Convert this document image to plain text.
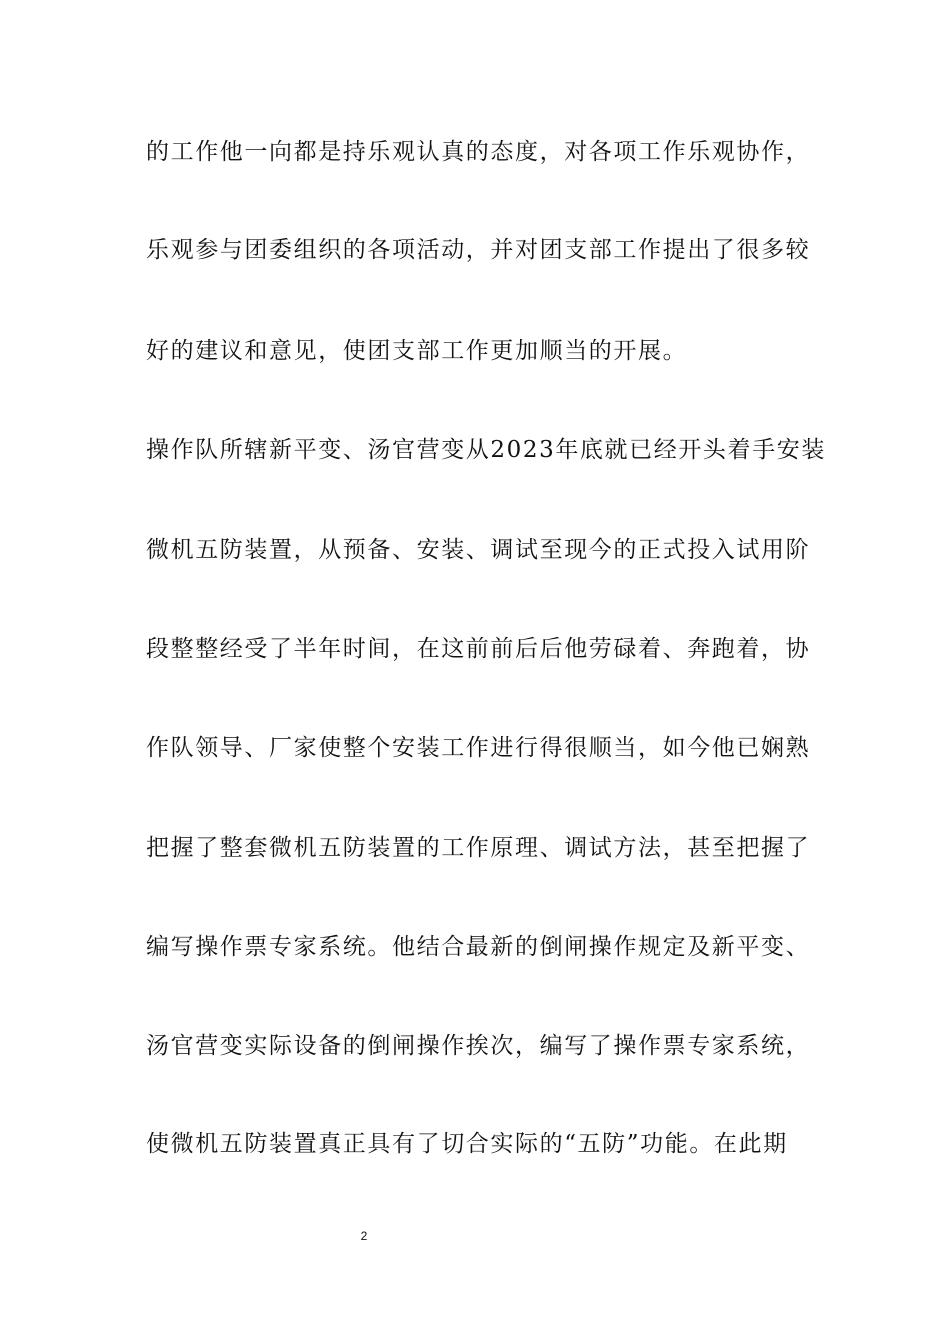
的工作他一向都是持乐观认真的态度，对各项工作乐观协作，
乐观参与团委组织的各项活动，并对团支部工作提出了很多较
好的建议和意见，使团支部工作更加顺当的开展。
操作队所辖新平变、汤官营变从2023年底就已经开头着手安装
微机五防装置，从预备、安装、调试至现今的正式投入试用阶
段整整经受了半年时间，在这前前后后他劳碌着、奔跑着，协
作队领导、厂家使整个安装工作进行得很顺当，如今他已娴熟
把握了整套微机五防装置的工作原理、调试方法，甚至把握了
编写操作票专家系统。他结合最新的倒闸操作规定及新平变、
汤官营变实际设备的倒闸操作挨次，编写了操作票专家系统，
使微机五防装置真正具有了切合实际的“五防”功能。在此期
2
